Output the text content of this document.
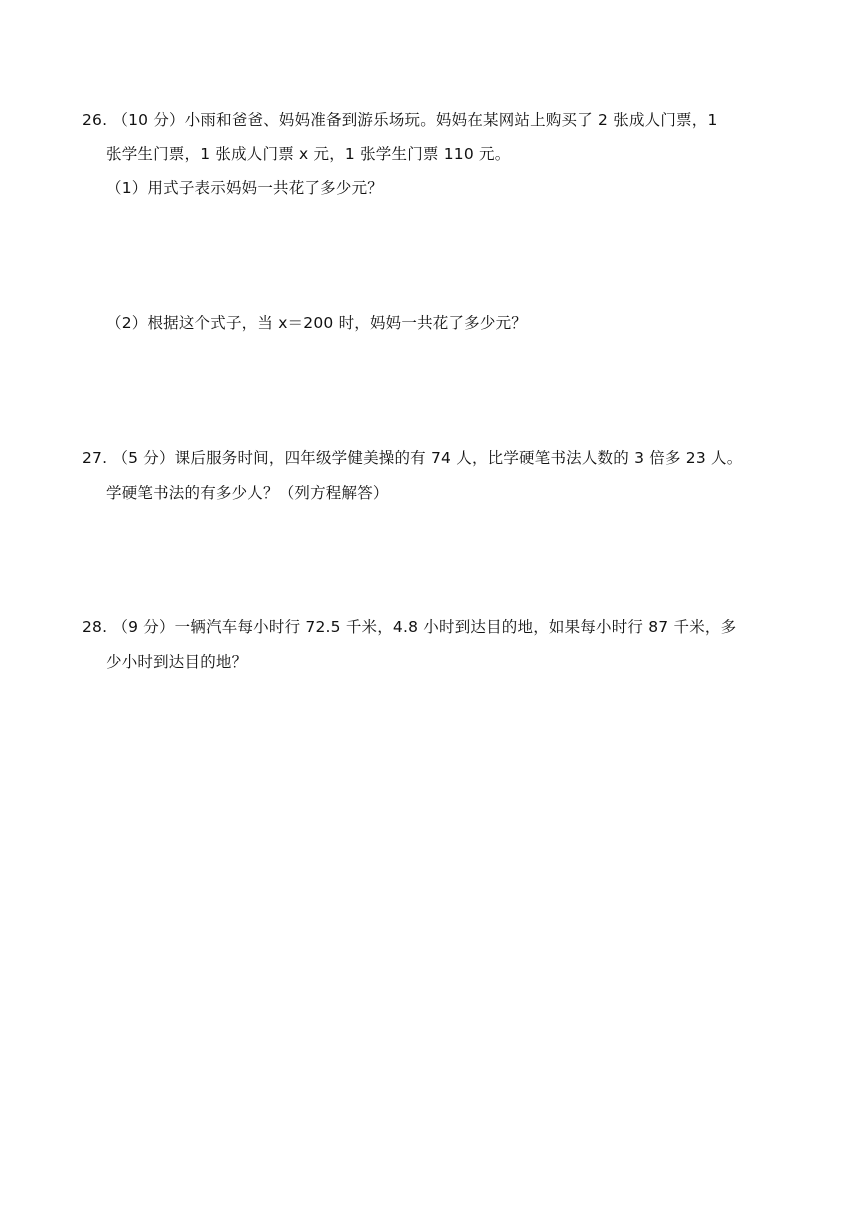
26. （10 分）小雨和爸爸、妈妈准备到游乐场玩。妈妈在某网站上购买了 2 张成人门票，1
张学生门票，1 张成人门票 x 元，1 张学生门票 110 元。
（1）用式子表示妈妈一共花了多少元？
（2）根据这个式子，当 x＝200 时，妈妈一共花了多少元？
27. （5 分）课后服务时间，四年级学健美操的有 74 人，比学硬笔书法人数的 3 倍多 23 人。
学硬笔书法的有多少人？（列方程解答）
28. （9 分）一辆汽车每小时行 72.5 千米，4.8 小时到达目的地，如果每小时行 87 千米，多
少小时到达目的地？
